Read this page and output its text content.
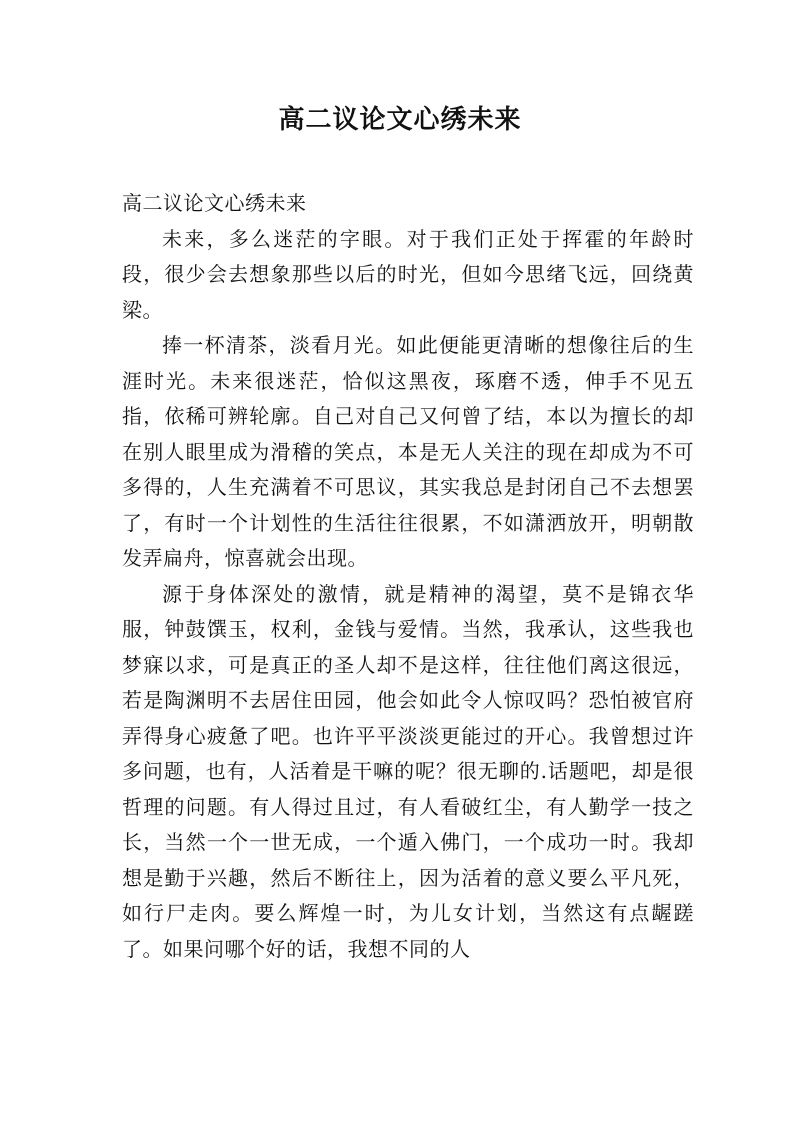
高二议论文心绣未来

高二议论文心绣未来

未来，多么迷茫的字眼。对于我们正处于挥霍的年龄时段，很少会去想象那些以后的时光，但如今思绪飞远，回绕黄梁。

捧一杯清茶，淡看月光。如此便能更清晰的想像往后的生涯时光。未来很迷茫，恰似这黑夜，琢磨不透，伸手不见五指，依稀可辨轮廓。自己对自己又何曾了结，本以为擅长的却在别人眼里成为滑稽的笑点，本是无人关注的现在却成为不可多得的，人生充满着不可思议，其实我总是封闭自己不去想罢了，有时一个计划性的生活往往很累，不如潇洒放开，明朝散发弄扁舟，惊喜就会出现。

源于身体深处的激情，就是精神的渴望，莫不是锦衣华服，钟鼓馔玉，权利，金钱与爱情。当然，我承认，这些我也梦寐以求，可是真正的圣人却不是这样，往往他们离这很远，若是陶渊明不去居住田园，他会如此令人惊叹吗？恐怕被官府弄得身心疲惫了吧。也许平平淡淡更能过的开心。我曾想过许多问题，也有，人活着是干嘛的呢？很无聊的.话题吧，却是很哲理的问题。有人得过且过，有人看破红尘，有人勤学一技之长，当然一个一世无成，一个遁入佛门，一个成功一时。我却想是勤于兴趣，然后不断往上，因为活着的意义要么平凡死，如行尸走肉。要么辉煌一时，为儿女计划，当然这有点龌蹉了。如果问哪个好的话，我想不同的人
